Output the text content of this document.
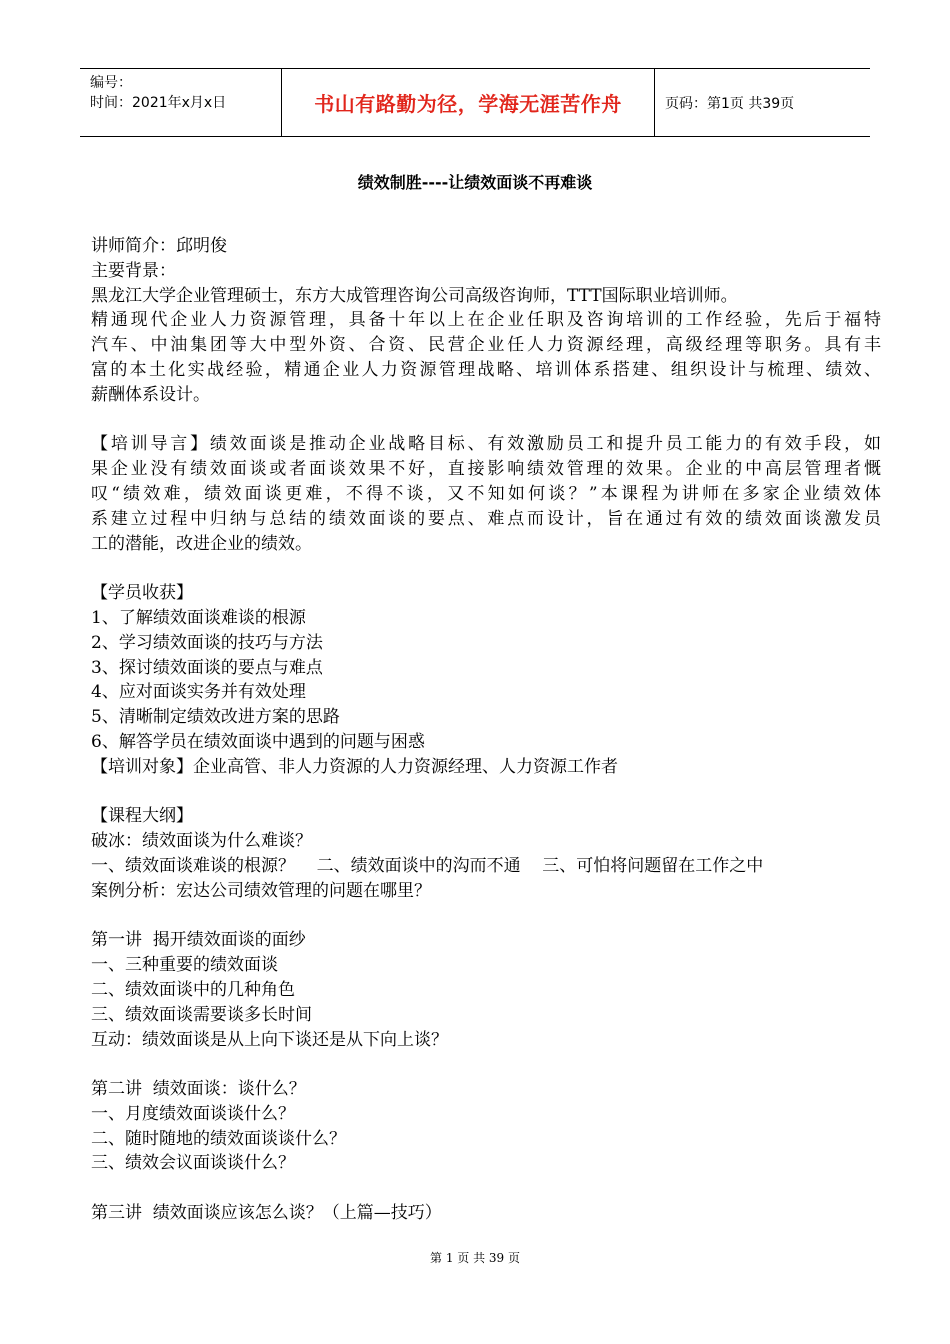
编号：
时间：2021年x月x日	书山有路勤为径，学海无涯苦作舟	页码：第1页 共39页
绩效制胜----让绩效面谈不再难谈

讲师简介：邱明俊

主要背景：

黑龙江大学企业管理硕士，东方大成管理咨询公司高级咨询师，TTT国际职业培训师。

精通现代企业人力资源管理，具备十年以上在企业任职及咨询培训的工作经验，先后于福特

汽车、中油集团等大中型外资、合资、民营企业任人力资源经理，高级经理等职务。具有丰

富的本土化实战经验，精通企业人力资源管理战略、培训体系搭建、组织设计与梳理、绩效、

薪酬体系设计。

【培训导言】绩效面谈是推动企业战略目标、有效激励员工和提升员工能力的有效手段，如

果企业没有绩效面谈或者面谈效果不好，直接影响绩效管理的效果。企业的中高层管理者慨

叹“绩效难，绩效面谈更难，不得不谈，又不知如何谈？”本课程为讲师在多家企业绩效体

系建立过程中归纳与总结的绩效面谈的要点、难点而设计，旨在通过有效的绩效面谈激发员

工的潜能，改进企业的绩效。

【学员收获】

1、了解绩效面谈难谈的根源

2、学习绩效面谈的技巧与方法

3、探讨绩效面谈的要点与难点

4、应对面谈实务并有效处理

5、清晰制定绩效改进方案的思路

6、解答学员在绩效面谈中遇到的问题与困惑

【培训对象】企业高管、非人力资源的人力资源经理、人力资源工作者

【课程大纲】

破冰：绩效面谈为什么难谈？

一、绩效面谈难谈的根源？    二、绩效面谈中的沟而不通    三、可怕将问题留在工作之中

案例分析：宏达公司绩效管理的问题在哪里？

第一讲  揭开绩效面谈的面纱

一、三种重要的绩效面谈

二、绩效面谈中的几种角色

三、绩效面谈需要谈多长时间

互动：绩效面谈是从上向下谈还是从下向上谈？

第二讲  绩效面谈：谈什么？

一、月度绩效面谈谈什么？

二、随时随地的绩效面谈谈什么？

三、绩效会议面谈谈什么？

第三讲  绩效面谈应该怎么谈？（上篇—技巧）

第 1 页 共 39 页
